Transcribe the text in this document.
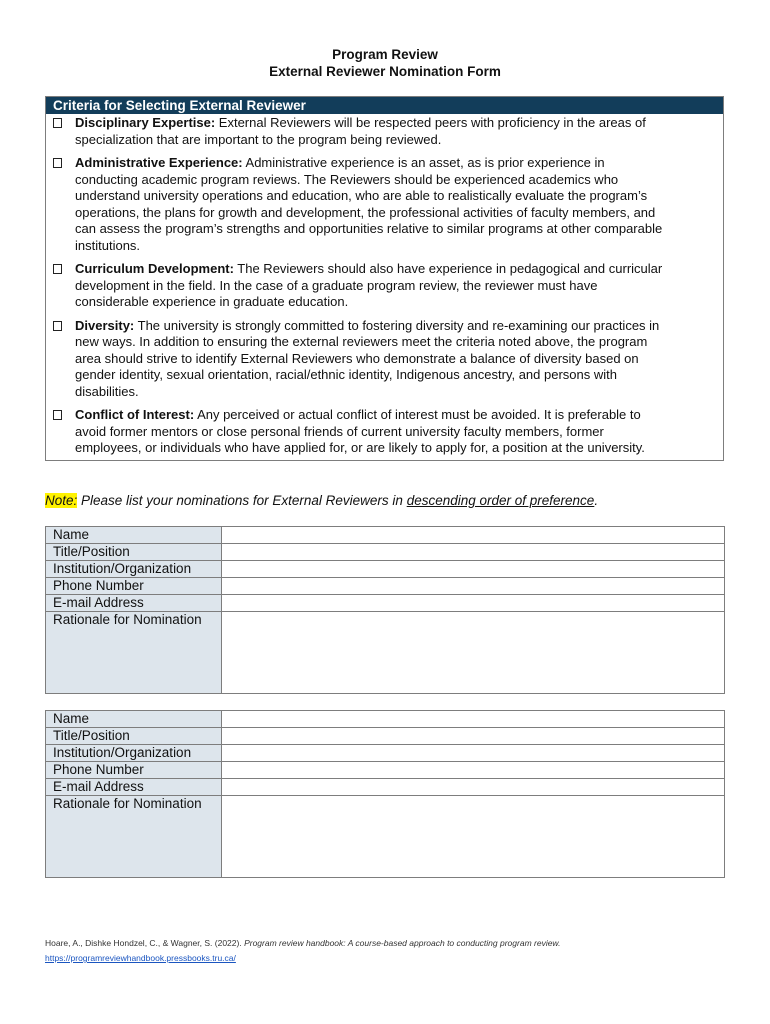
Program Review
External Reviewer Nomination Form
Criteria for Selecting External Reviewer
Disciplinary Expertise: External Reviewers will be respected peers with proficiency in the areas of
specialization that are important to the program being reviewed.
Administrative Experience: Administrative experience is an asset, as is prior experience in
conducting academic program reviews. The Reviewers should be experienced academics who
understand university operations and education, who are able to realistically evaluate the program’s
operations, the plans for growth and development, the professional activities of faculty members, and
can assess the program’s strengths and opportunities relative to similar programs at other comparable
institutions.
Curriculum Development: The Reviewers should also have experience in pedagogical and curricular
development in the field. In the case of a graduate program review, the reviewer must have
considerable experience in graduate education.
Diversity: The university is strongly committed to fostering diversity and re-examining our practices in
new ways. In addition to ensuring the external reviewers meet the criteria noted above, the program
area should strive to identify External Reviewers who demonstrate a balance of diversity based on
gender identity, sexual orientation, racial/ethnic identity, Indigenous ancestry, and persons with
disabilities.
Conflict of Interest: Any perceived or actual conflict of interest must be avoided. It is preferable to
avoid former mentors or close personal friends of current university faculty members, former
employees, or individuals who have applied for, or are likely to apply for, a position at the university.
Note: Please list your nominations for External Reviewers in descending order of preference.
Name	
Title/Position	
Institution/Organization	
Phone Number	
E-mail Address	
Rationale for Nomination	
Name	
Title/Position	
Institution/Organization	
Phone Number	
E-mail Address	
Rationale for Nomination	
Hoare, A., Dishke Hondzel, C., & Wagner, S. (2022). Program review handbook: A course-based approach to conducting program review.
https://programreviewhandbook.pressbooks.tru.ca/
